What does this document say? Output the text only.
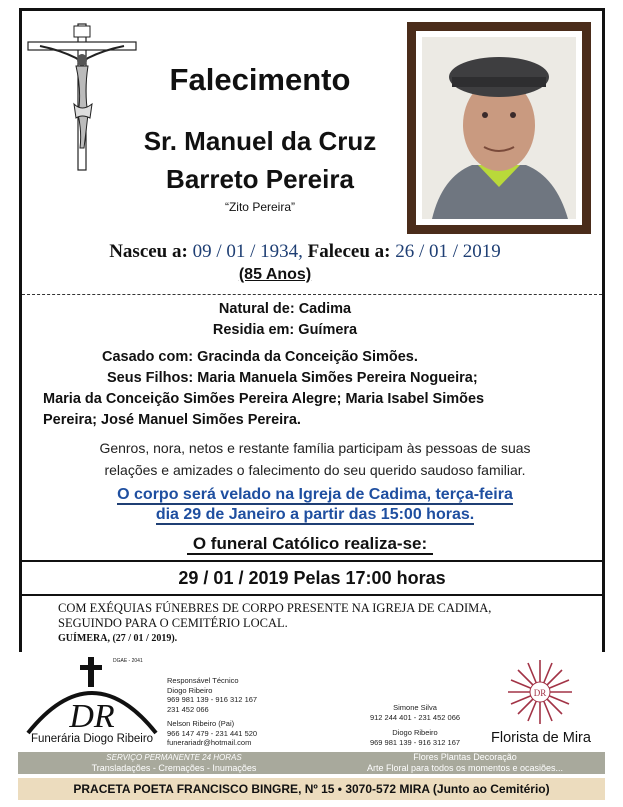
Falecimento
Sr. Manuel da Cruz
Barreto Pereira
“Zito Pereira”
Nasceu a: 09 / 01 / 1934, Faleceu a: 26 / 01 / 2019
(85 Anos)
Natural de: Cadima
Residia em: Guímera
Casado com: Gracinda da Conceição Simões.
Seus Filhos: Maria Manuela Simões Pereira Nogueira;
Maria da Conceição Simões Pereira Alegre; Maria Isabel Simões
Pereira; José Manuel Simões Pereira.
Genros, nora, netos e restante família participam às pessoas de suas
relações e amizades o falecimento do seu querido saudoso familiar.
O corpo será velado na Igreja de Cadima, terça-feira
dia 29 de Janeiro a partir das 15:00 horas.
O funeral Católico realiza-se:
29 / 01 / 2019 Pelas 17:00 horas
COM EXÉQUIAS FÚNEBRES DE CORPO PRESENTE NA IGREJA DE CADIMA,
SEGUINDO PARA O CEMITÉRIO LOCAL.
GUÍMERA, (27 / 01 / 2019).
DR
Funerária Diogo Ribeiro
DGAE - 2041
Responsável Técnico
Diogo Ribeiro
969 981 139 - 916 312 167
231 452 066
Nelson Ribeiro (Pai)
966 147 479 - 231 441 520
funerariadr@hotmail.com
Simone Silva
912 244 401 - 231 452 066
Diogo Ribeiro
969 981 139 - 916 312 167
DR
Florista de Mira
SERVIÇO PERMANENTE 24 HORAS
Transladações - Cremações - Inumações
Flores Plantas Decoração
Arte Floral para todos os momentos e ocasiões...
PRACETA POETA FRANCISCO BINGRE, Nº 15 • 3070-572 MIRA (Junto ao Cemitério)
